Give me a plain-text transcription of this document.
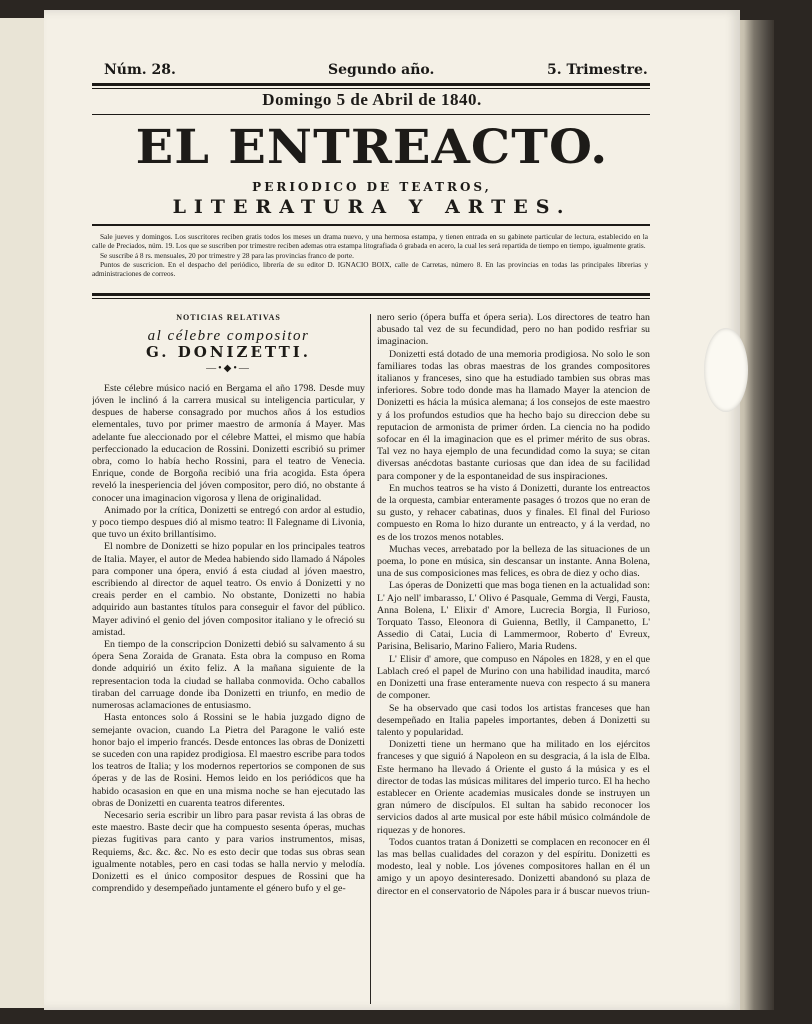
Núm. 28.	Segundo año.	5. Trimestre.
Domingo 5 de Abril de 1840.
EL ENTREACTO.
PERIODICO DE TEATROS,
LITERATURA Y ARTES.

Sale jueves y domingos. Los suscritores reciben gratis todos los meses un drama nuevo, y una hermosa estampa, y tienen entrada en su gabinete particular de lectura, establecido en la calle de Preciados, núm. 19. Los que se suscriben por trimestre reciben ademas otra estampa litografiada ó grabada en acero, la cual les será repartida de tiempo en tiempo, igualmente gratis.

Se suscribe á 8 rs. mensuales, 20 por trimestre y 28 para las provincias franco de porte.

Puntos de suscricion. En el despacho del periódico, librería de su editor D. IGNACIO BOIX, calle de Carretas, número 8. En las provincias en todas las principales librerias y administraciones de correos.

NOTICIAS RELATIVAS
al célebre compositor
G. DONIZETTI.
—•◆•—

Este célebre músico nació en Bergama el año 1798. Desde muy jóven le inclinó á la carrera musical su inteligencia particular, y despues de haberse consagrado por muchos años á los estudios elementales, tuvo por primer maestro de armonía á Mayer. Mas adelante fue aleccionado por el célebre Mattei, el mismo que había perfeccionado la educacion de Rossini. Donizetti escribió su primer obra, como lo había hecho Rossini, para el teatro de Venecia. Enrique, conde de Borgoña recibió una fria acogida. Esta ópera reveló la inesperiencia del jóven compositor, pero dió, no obstante á conocer una imaginacion vigorosa y llena de originalidad.

Animado por la crítica, Donizetti se entregó con ardor al estudio, y poco tiempo despues dió al mismo teatro: Il Falegname di Livonia, que tuvo un éxito brillantísimo.

El nombre de Donizetti se hizo popular en los principales teatros de Italia. Mayer, el autor de Medea habiendo sido llamado á Nápoles para componer una ópera, envió á esta ciudad al jóven maestro, escribiendo al director de aquel teatro. Os envio á Donizetti y no creais perder en el cambio. No obstante, Donizetti no habia adquirido aun bastantes títulos para conseguir el favor del público. Mayer adivinó el genio del jóven compositor italiano y le ofreció su amistad.

En tiempo de la conscripcion Donizetti debió su salvamento á su ópera Sena Zoraida de Granata. Esta obra la compuso en Roma donde adquirió un éxito feliz. A la mañana siguiente de la representacion toda la ciudad se hallaba conmovida. Ocho caballos tiraban del carruage donde iba Donizetti en triunfo, en medio de numerosas aclamaciones de entusiasmo.

Hasta entonces solo á Rossini se le habia juzgado digno de semejante ovacion, cuando La Pietra del Paragone le valió este honor bajo el imperio francés. Desde entonces las obras de Donizetti se suceden con una rapidez prodigiosa. El maestro escribe para todos los teatros de Italia; y los modernos repertorios se componen de sus óperas y de las de Rosini. Hemos leido en los periódicos que ha habido ocasasion en que en una misma noche se han ejecutado las obras de Donizetti en cuarenta teatros diferentes.

Necesario seria escribir un libro para pasar revista á las obras de este maestro. Baste decir que ha compuesto sesenta óperas, muchas piezas fugitivas para canto y para varios instrumentos, misas, Requiems, &c. &c. &c. No es esto decir que todas sus obras sean igualmente notables, pero en casi todas se halla nervio y melodía. Donizetti es el único compositor despues de Rossini que ha comprendido y desempeñado juntamente el género bufo y el ge-

nero serio (ópera buffa et ópera seria). Los directores de teatro han abusado tal vez de su fecundidad, pero no han podido resfriar su imaginacion.

Donizetti está dotado de una memoria prodigiosa. No solo le son familiares todas las obras maestras de los grandes compositores italianos y franceses, sino que ha estudiado tambien sus obras mas inferiores. Sobre todo donde mas ha llamado Mayer la atencion de Donizetti es hácia la música alemana; á los consejos de este maestro y á los profundos estudios que ha hecho bajo su direccion debe su reputacion de armonista de primer órden. La ciencia no ha podido sofocar en él la imaginacion que es el primer mérito de sus obras. Tal vez no haya ejemplo de una fecundidad como la suya; se citan diversas anécdotas bastante curiosas que dan idea de su facilidad para componer y de la espontaneidad de sus inspiraciones.

En muchos teatros se ha visto á Donizetti, durante los entreactos de la orquesta, cambiar enteramente pasages ó trozos que no eran de su gusto, y rehacer cabatinas, duos y finales. El final del Furioso compuesto en Roma lo hizo durante un entreacto, y á la verdad, no es de los trozos menos notables.

Muchas veces, arrebatado por la belleza de las situaciones de un poema, lo pone en música, sin descansar un instante. Anna Bolena, una de sus composiciones mas felices, es obra de diez y ocho dias.

Las óperas de Donizetti que mas boga tienen en la actualidad son: L' Ajo nell' imbarasso, L' Olivo é Pasquale, Gemma di Vergi, Fausta, Anna Bolena, L' Elixir d' Amore, Lucrecia Borgia, Il Furioso, Torquato Tasso, Eleonora di Guienna, Betlly, il Campanetto, L' Assedio di Catai, Lucia di Lammermoor, Roberto d' Evreux, Parisina, Belisario, Marino Faliero, Maria Rudens.

L' Elisir d' amore, que compuso en Nápoles en 1828, y en el que Lablach creó el papel de Murino con una habilidad inaudita, marcó en Donizetti una frase enteramente nueva con respecto á su manera de componer.

Se ha observado que casi todos los artistas franceses que han desempeñado en Italia papeles importantes, deben á Donizetti su talento y popularidad.

Donizetti tiene un hermano que ha militado en los ejércitos franceses y que siguió á Napoleon en su desgracia, á la isla de Elba. Este hermano ha llevado á Oriente el gusto á la música y es el director de todas las músicas militares del imperio turco. El ha hecho establecer en Oriente academias musicales donde se instruyen un gran número de discípulos. El sultan ha sabido reconocer los servicios dados al arte musical por este hábil músico colmándole de riquezas y de honores.

Todos cuantos tratan á Donizetti se complacen en reconocer en él las mas bellas cualidades del corazon y del espíritu. Donizetti es modesto, leal y noble. Los jóvenes compositores hallan en él un amigo y un apoyo desinteresado. Donizetti abandonó su plaza de director en el conservatorio de Nápoles para ir á buscar nuevos triun-
